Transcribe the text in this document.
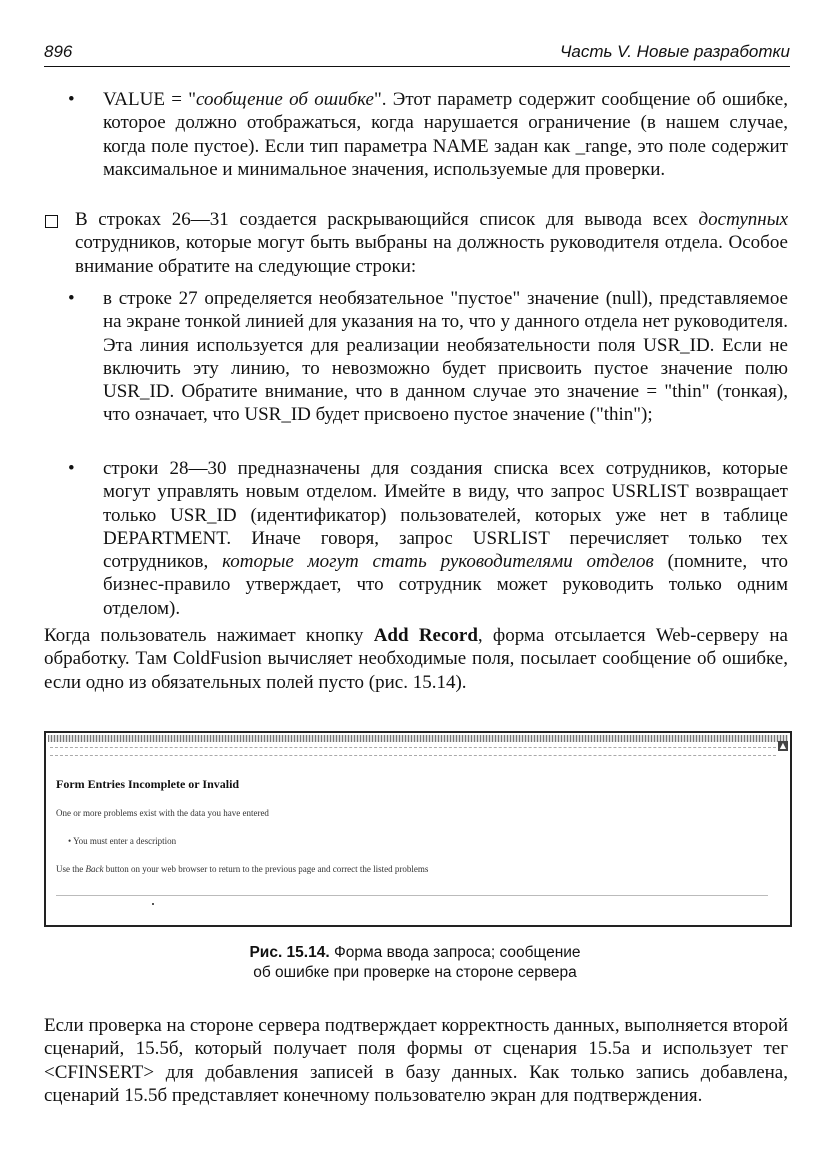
896	Часть V. Новые разработки
• VALUE = "сообщение об ошибке". Этот параметр содержит сообщение об ошибке, которое должно отображаться, когда нарушается ограничение (в нашем случае, когда поле пустое). Если тип параметра NAME задан как _range, это поле содержит максимальное и минимальное значения, используемые для проверки.

В строках 26—31 создается раскрывающийся список для вывода всех доступных сотрудников, которые могут быть выбраны на должность руководителя отдела. Особое внимание обратите на следующие строки:

• в строке 27 определяется необязательное "пустое" значение (null), представляемое на экране тонкой линией для указания на то, что у данного отдела нет руководителя. Эта линия используется для реализации необязательности поля USR_ID. Если не включить эту линию, то невозможно будет присвоить пустое значение полю USR_ID. Обратите внимание, что в данном случае это значение = "thin" (тонкая), что означает, что USR_ID будет присвоено пустое значение ("thin");

• строки 28—30 предназначены для создания списка всех сотрудников, которые могут управлять новым отделом. Имейте в виду, что запрос USRLIST возвращает только USR_ID (идентификатор) пользователей, которых уже нет в таблице DEPARTMENT. Иначе говоря, запрос USRLIST перечисляет только тех сотрудников, которые могут стать руководителями отделов (помните, что бизнес-правило утверждает, что сотрудник может руководить только одним отделом).

Когда пользователь нажимает кнопку Add Record, форма отсылается Web-серверу на обработку. Там ColdFusion вычисляет необходимые поля, посылает сообщение об ошибке, если одно из обязательных полей пусто (рис. 15.14).

▲
Form Entries Incomplete or Invalid
One or more problems exist with the data you have entered
• You must enter a description
Use the Back button on your web browser to return to the previous page and correct the listed problems
Рис. 15.14. Форма ввода запроса; сообщение
об ошибке при проверке на стороне сервера

Если проверка на стороне сервера подтверждает корректность данных, выполняется второй сценарий, 15.5б, который получает поля формы от сценария 15.5а и использует тег <CFINSERT> для добавления записей в базу данных. Как только запись добавлена, сценарий 15.5б представляет конечному пользователю экран для подтверждения.
